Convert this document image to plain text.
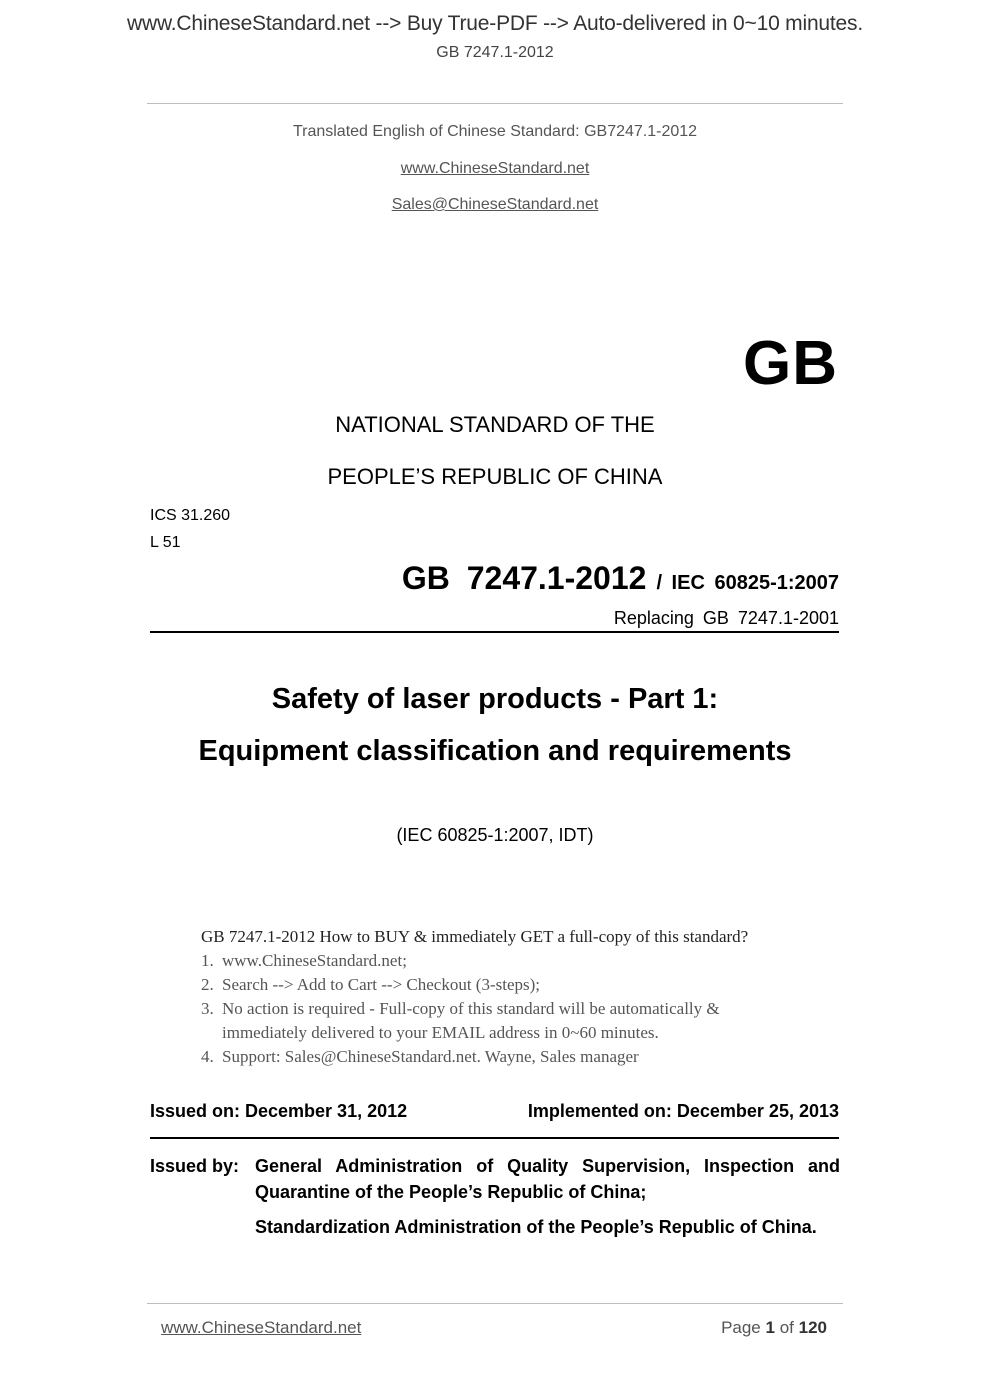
www.ChineseStandard.net --> Buy True-PDF --> Auto-delivered in 0~10 minutes.
GB 7247.1-2012
Translated English of Chinese Standard: GB7247.1-2012
www.ChineseStandard.net
Sales@ChineseStandard.net
GB
NATIONAL STANDARD OF THE
PEOPLE’S REPUBLIC OF CHINA
ICS 31.260
L 51
GB 7247.1-2012 / IEC 60825-1:2007
Replacing GB 7247.1-2001
Safety of laser products - Part 1:
Equipment classification and requirements
(IEC 60825-1:2007, IDT)
GB 7247.1-2012 How to BUY & immediately GET a full-copy of this standard?
1. www.ChineseStandard.net;
2. Search --> Add to Cart --> Checkout (3-steps);
3. No action is required - Full-copy of this standard will be automatically &
immediately delivered to your EMAIL address in 0~60 minutes.
4. Support: Sales@ChineseStandard.net. Wayne, Sales manager
Issued on: December 31, 2012	Implemented on: December 25, 2013
Issued by: General Administration of Quality Supervision, Inspection and Quarantine of the People’s Republic of China;
Standardization Administration of the People’s Republic of China.
www.ChineseStandard.net	Page 1 of 120
